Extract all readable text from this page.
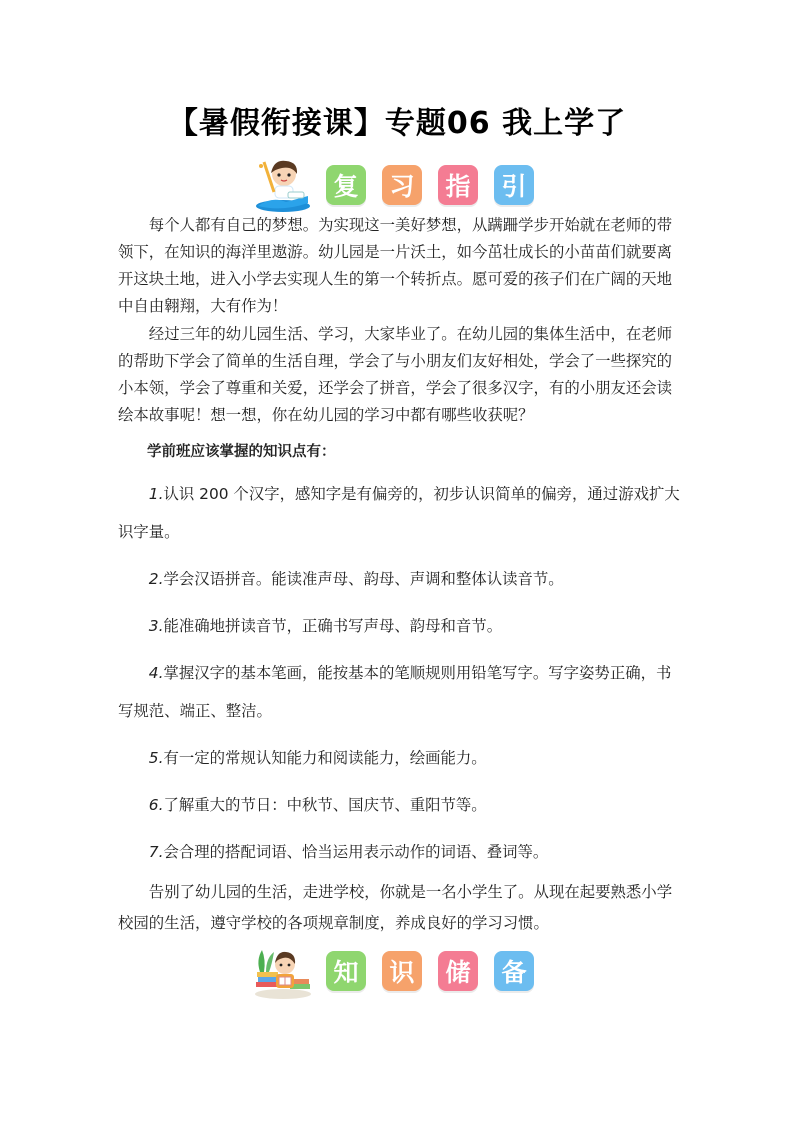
【暑假衔接课】专题06 我上学了
复	习	指	引

每个人都有自己的梦想。为实现这一美好梦想，从蹒跚学步开始就在老师的带领下，在知识的海洋里遨游。幼儿园是一片沃土，如今茁壮成长的小苗苗们就要离开这块土地，进入小学去实现人生的第一个转折点。愿可爱的孩子们在广阔的天地中自由翱翔，大有作为！

经过三年的幼儿园生活、学习，大家毕业了。在幼儿园的集体生活中，在老师的帮助下学会了简单的生活自理，学会了与小朋友们友好相处，学会了一些探究的小本领，学会了尊重和关爱，还学会了拼音，学会了很多汉字，有的小朋友还会读绘本故事呢！想一想，你在幼儿园的学习中都有哪些收获呢？

学前班应该掌握的知识点有：

1.认识 200 个汉字，感知字是有偏旁的，初步认识简单的偏旁，通过游戏扩大识字量。

2.学会汉语拼音。能读准声母、韵母、声调和整体认读音节。

3.能准确地拼读音节，正确书写声母、韵母和音节。

4.掌握汉字的基本笔画，能按基本的笔顺规则用铅笔写字。写字姿势正确，书写规范、端正、整洁。

5.有一定的常规认知能力和阅读能力，绘画能力。

6.了解重大的节日：中秋节、国庆节、重阳节等。

7.会合理的搭配词语、恰当运用表示动作的词语、叠词等。

告别了幼儿园的生活，走进学校，你就是一名小学生了。从现在起要熟悉小学校园的生活，遵守学校的各项规章制度，养成良好的学习习惯。

知	识	储	备
